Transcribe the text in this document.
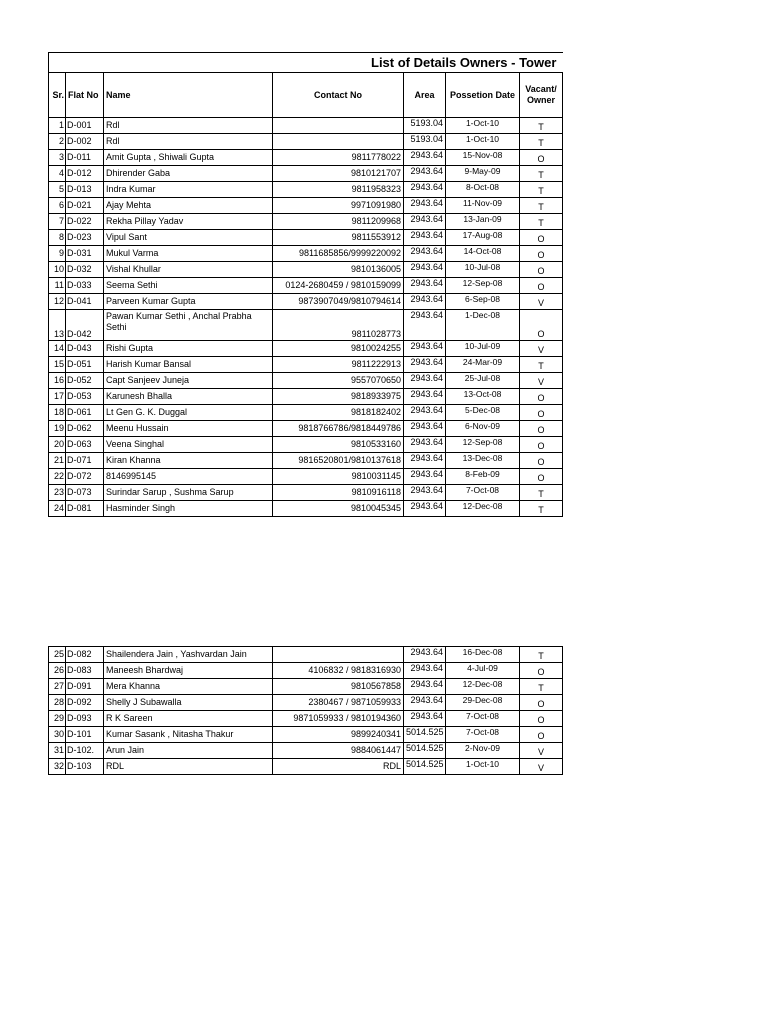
List of Details Owners - Tower						
Sr.	Flat No	Name	Contact No	Area	Possetion Date	Vacant/ Owner
1	D-001	Rdl		5193.04	1-Oct-10	T
2	D-002	Rdl		5193.04	1-Oct-10	T
3	D-011	Amit Gupta , Shiwali Gupta	9811778022	2943.64	15-Nov-08	O
4	D-012	Dhirender Gaba	9810121707	2943.64	9-May-09	T
5	D-013	Indra Kumar	9811958323	2943.64	8-Oct-08	T
6	D-021	Ajay Mehta	9971091980	2943.64	11-Nov-09	T
7	D-022	Rekha Pillay Yadav	9811209968	2943.64	13-Jan-09	T
8	D-023	Vipul Sant	9811553912	2943.64	17-Aug-08	O
9	D-031	Mukul Varma	9811685856/9999220092	2943.64	14-Oct-08	O
10	D-032	Vishal Khullar	9810136005	2943.64	10-Jul-08	O
11	D-033	Seema Sethi	0124-2680459 / 9810159099	2943.64	12-Sep-08	O
12	D-041	Parveen Kumar Gupta	9873907049/9810794614	2943.64	6-Sep-08	V
13	D-042	Pawan Kumar Sethi , Anchal Prabha Sethi	9811028773	2943.64	1-Dec-08	O
14	D-043	Rishi Gupta	9810024255	2943.64	10-Jul-09	V
15	D-051	Harish Kumar Bansal	9811222913	2943.64	24-Mar-09	T
16	D-052	Capt Sanjeev Juneja	9557070650	2943.64	25-Jul-08	V
17	D-053	Karunesh Bhalla	9818933975	2943.64	13-Oct-08	O
18	D-061	Lt Gen G. K. Duggal	9818182402	2943.64	5-Dec-08	O
19	D-062	Meenu Hussain	9818766786/9818449786	2943.64	6-Nov-09	O
20	D-063	Veena Singhal	9810533160	2943.64	12-Sep-08	O
21	D-071	Kiran Khanna	9816520801/9810137618	2943.64	13-Dec-08	O
22	D-072	8146995145	9810031145	2943.64	8-Feb-09	O
23	D-073	Surindar Sarup , Sushma Sarup	9810916118	2943.64	7-Oct-08	T
24	D-081	Hasminder Singh	9810045345	2943.64	12-Dec-08	T
25	D-082	Shailendera Jain , Yashvardan Jain		2943.64	16-Dec-08	T
26	D-083	Maneesh Bhardwaj	4106832 / 9818316930	2943.64	4-Jul-09	O
27	D-091	Mera Khanna	9810567858	2943.64	12-Dec-08	T
28	D-092	Shelly J Subawalla	2380467 / 9871059933	2943.64	29-Dec-08	O
29	D-093	R K Sareen	9871059933 / 9810194360	2943.64	7-Oct-08	O
30	D-101	Kumar Sasank , Nitasha Thakur	9899240341	5014.525	7-Oct-08	O
31	D-102.	Arun Jain	9884061447	5014.525	2-Nov-09	V
32	D-103	RDL	RDL	5014.525	1-Oct-10	V
